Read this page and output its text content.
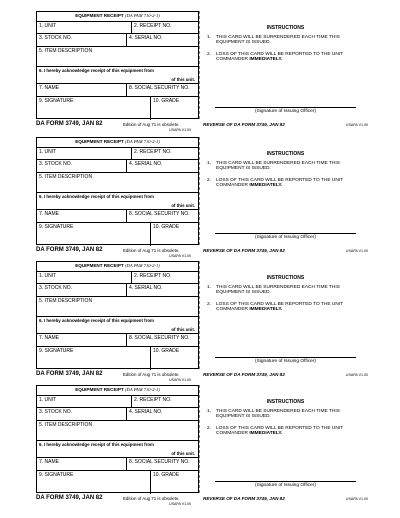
EQUIPMENT RECEIPT (DA PAM 710-2-1)
1. UNIT	2. RECEIPT NO.
3. STOCK NO.	4. SERIAL NO.
5. ITEM DESCRIPTION
6. I hereby acknowledge receipt of this equipment from
of this unit.
7. NAME	8. SOCIAL SECURITY NO.
9. SIGNATURE	10. GRADE
INSTRUCTIONS
1. THIS CARD WILL BE SURRENDERED EACH TIME THIS EQUIPMENT IS ISSUED.
2. LOSS OF THIS CARD WILL BE REPORTED TO THE UNIT COMMANDER IMMEDIATELY.
(Signature of Issuing Officer)
DA FORM 3749, JAN 82	Edition of Aug 71 is obsolete.
USAPA V1.00
REVERSE OF DA FORM 3749, JAN 82	USAPA V1.00
EQUIPMENT RECEIPT (DA PAM 710-2-1)
1. UNIT	2. RECEIPT NO.
3. STOCK NO.	4. SERIAL NO.
5. ITEM DESCRIPTION
6. I hereby acknowledge receipt of this equipment from
of this unit.
7. NAME	8. SOCIAL SECURITY NO.
9. SIGNATURE	10. GRADE
INSTRUCTIONS
1. THIS CARD WILL BE SURRENDERED EACH TIME THIS EQUIPMENT IS ISSUED.
2. LOSS OF THIS CARD WILL BE REPORTED TO THE UNIT COMMANDER IMMEDIATELY.
(Signature of Issuing Officer)
DA FORM 3749, JAN 82	Edition of Aug 71 is obsolete.
USAPA V1.00
REVERSE OF DA FORM 3749, JAN 82	USAPA V1.00
EQUIPMENT RECEIPT (DA PAM 710-2-1)
1. UNIT	2. RECEIPT NO.
3. STOCK NO.	4. SERIAL NO.
5. ITEM DESCRIPTION
6. I hereby acknowledge receipt of this equipment from
of this unit.
7. NAME	8. SOCIAL SECURITY NO.
9. SIGNATURE	10. GRADE
INSTRUCTIONS
1. THIS CARD WILL BE SURRENDERED EACH TIME THIS EQUIPMENT IS ISSUED.
2. LOSS OF THIS CARD WILL BE REPORTED TO THE UNIT COMMANDER IMMEDIATELY.
(Signature of Issuing Officer)
DA FORM 3749, JAN 82	Edition of Aug 71 is obsolete.
USAPA V1.00
REVERSE OF DA FORM 3749, JAN 82	USAPA V1.00
EQUIPMENT RECEIPT (DA PAM 710-2-1)
1. UNIT	2. RECEIPT NO.
3. STOCK NO.	4. SERIAL NO.
5. ITEM DESCRIPTION
6. I hereby acknowledge receipt of this equipment from
of this unit.
7. NAME	8. SOCIAL SECURITY NO.
9. SIGNATURE	10. GRADE
INSTRUCTIONS
1. THIS CARD WILL BE SURRENDERED EACH TIME THIS EQUIPMENT IS ISSUED.
2. LOSS OF THIS CARD WILL BE REPORTED TO THE UNIT COMMANDER IMMEDIATELY.
(Signature of Issuing Officer)
DA FORM 3749, JAN 82	Edition of Aug 71 is obsolete.
USAPA V1.00
REVERSE OF DA FORM 3749, JAN 82	USAPA V1.00
